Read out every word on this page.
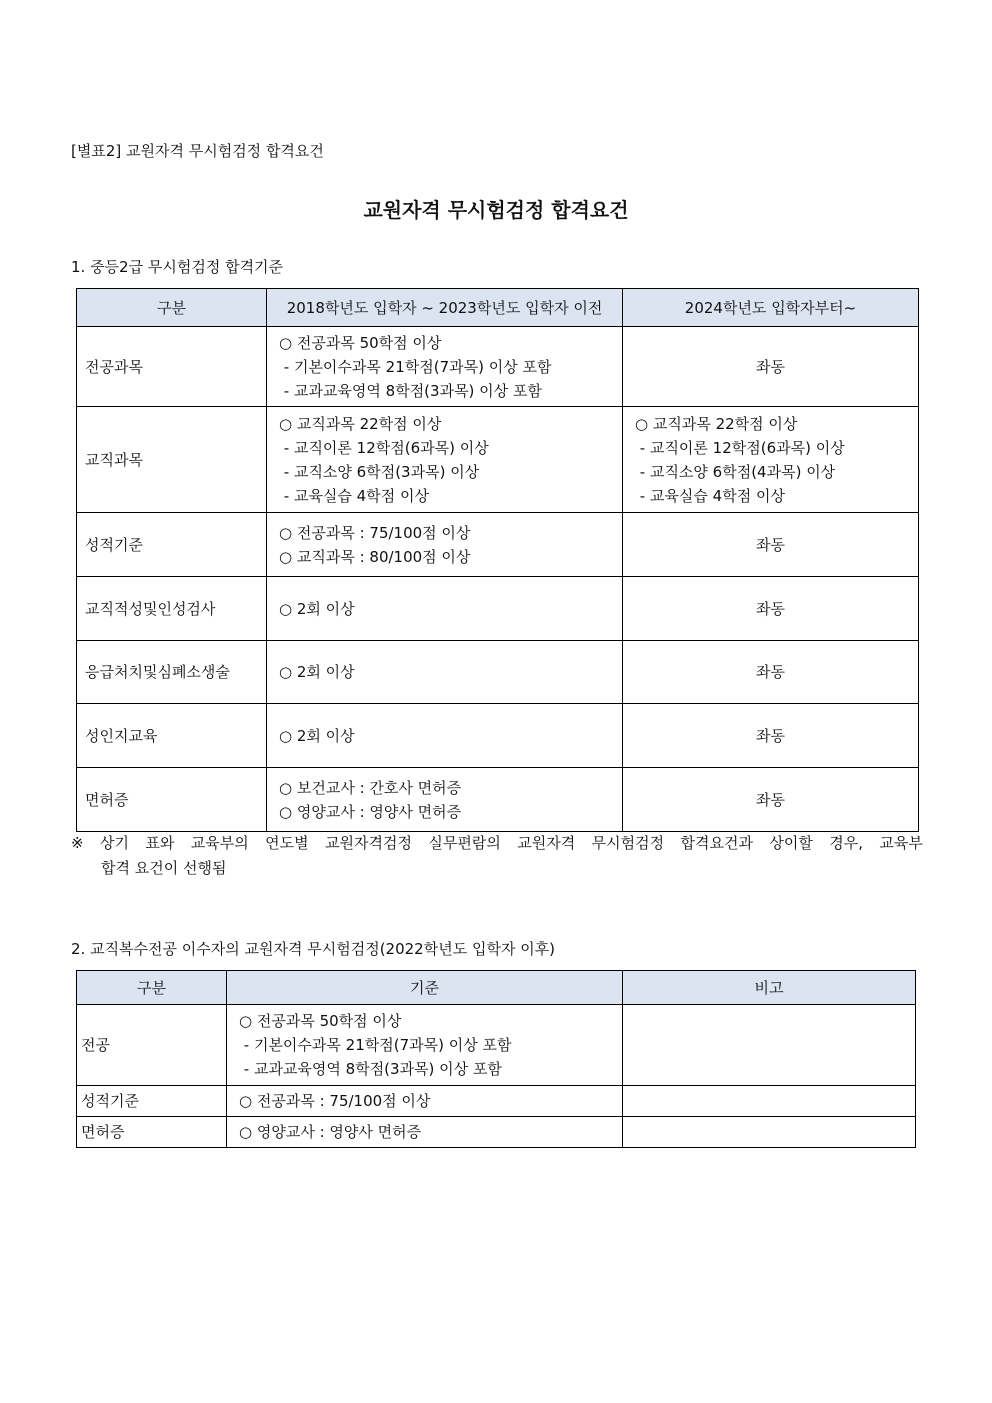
[별표2] 교원자격 무시험검정 합격요건
교원자격 무시험검정 합격요건
1. 중등2급 무시험검정 합격기준
구분	2018학년도 입학자 ~ 2023학년도 입학자 이전	2024학년도 입학자부터~
전공과목	○ 전공과목 50학점 이상
- 기본이수과목 21학점(7과목) 이상 포함
- 교과교육영역 8학점(3과목) 이상 포함	좌동
교직과목	○ 교직과목 22학점 이상
- 교직이론 12학점(6과목) 이상
- 교직소양 6학점(3과목) 이상
- 교육실습 4학점 이상	○ 교직과목 22학점 이상
- 교직이론 12학점(6과목) 이상
- 교직소양 6학점(4과목) 이상
- 교육실습 4학점 이상
성적기준	○ 전공과목 : 75/100점 이상
○ 교직과목 : 80/100점 이상	좌동
교직적성및인성검사	○ 2회 이상	좌동
응급처치및심폐소생술	○ 2회 이상	좌동
성인지교육	○ 2회 이상	좌동
면허증	○ 보건교사 : 간호사 면허증
○ 영양교사 : 영양사 면허증	좌동
※ 상기 표와 교육부의 연도별 교원자격검정 실무편람의 교원자격 무시험검정 합격요건과 상이할 경우, 교육부
합격 요건이 선행됨
2. 교직복수전공 이수자의 교원자격 무시험검정(2022학년도 입학자 이후)
구분	기준	비고
전공	○ 전공과목 50학점 이상
- 기본이수과목 21학점(7과목) 이상 포함
- 교과교육영역 8학점(3과목) 이상 포함	
성적기준	○ 전공과목 : 75/100점 이상	
면허증	○ 영양교사 : 영양사 면허증	
